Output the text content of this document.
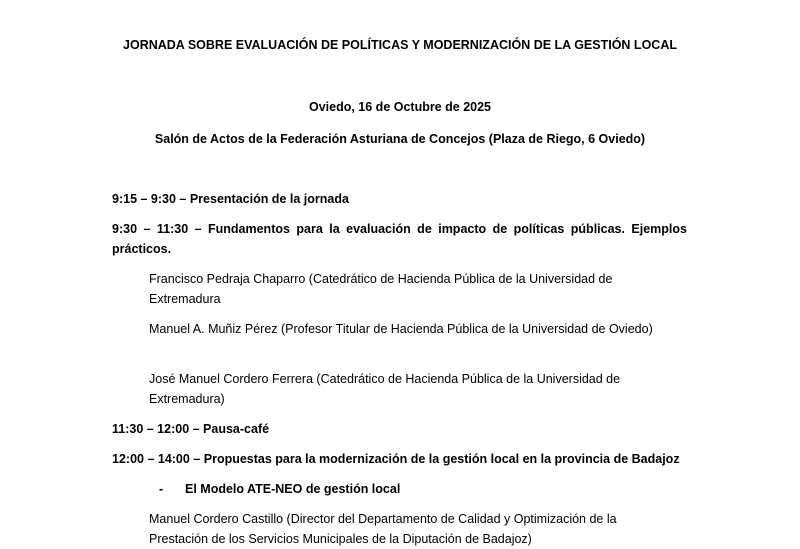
JORNADA SOBRE EVALUACIÓN DE POLÍTICAS Y MODERNIZACIÓN DE LA GESTIÓN LOCAL
Oviedo, 16 de Octubre de 2025
Salón de Actos de la Federación Asturiana de Concejos (Plaza de Riego, 6 Oviedo)
9:15 – 9:30 – Presentación de la jornada
9:30 – 11:30 – Fundamentos para la evaluación de impacto de políticas públicas. Ejemplos prácticos.
Francisco Pedraja Chaparro (Catedrático de Hacienda Pública de la Universidad de Extremadura
Manuel A. Muñiz Pérez (Profesor Titular de Hacienda Pública de la Universidad de Oviedo)
José Manuel Cordero Ferrera (Catedrático de Hacienda Pública de la Universidad de Extremadura)
11:30 – 12:00 – Pausa-café
12:00 – 14:00 – Propuestas para la modernización de la gestión local en la provincia de Badajoz
- El Modelo ATE-NEO de gestión local
Manuel Cordero Castillo (Director del Departamento de Calidad y Optimización de la Prestación de los Servicios Municipales de la Diputación de Badajoz)
